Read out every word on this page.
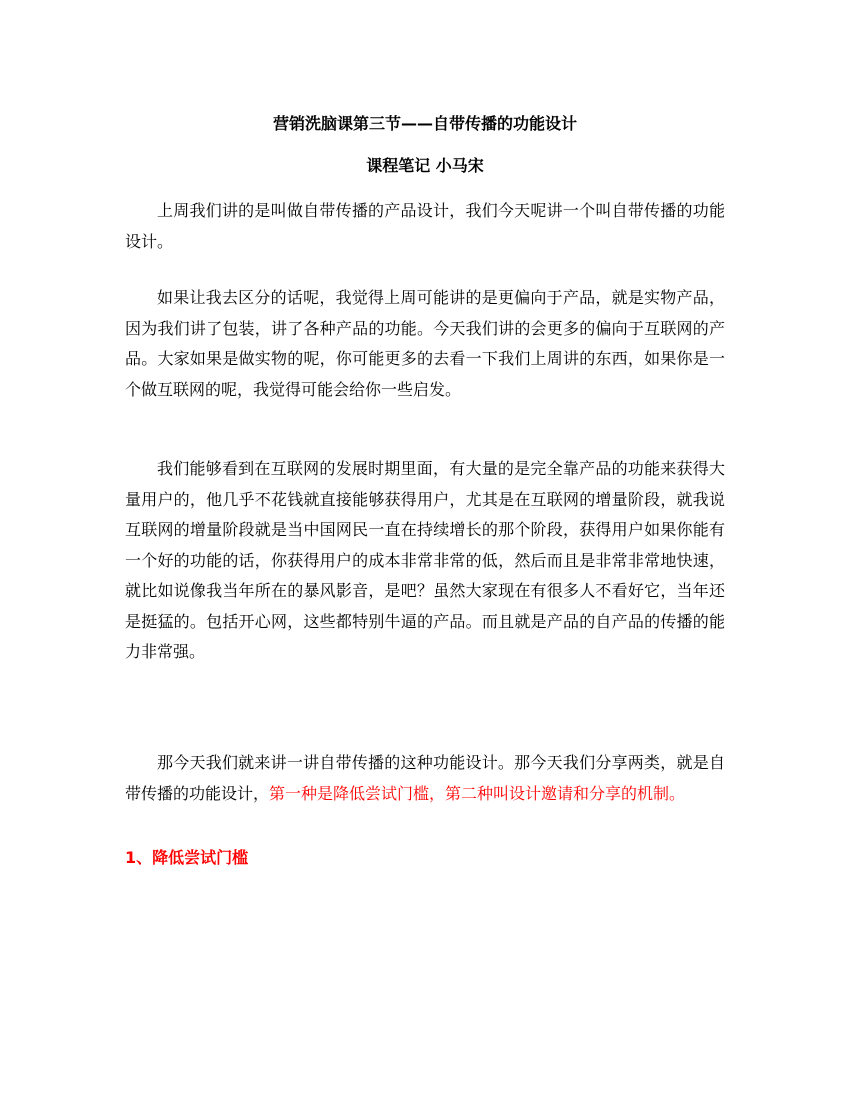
营销洗脑课第三节——自带传播的功能设计
课程笔记 小马宋

上周我们讲的是叫做自带传播的产品设计，我们今天呢讲一个叫自带传播的功能设计。

如果让我去区分的话呢，我觉得上周可能讲的是更偏向于产品，就是实物产品，因为我们讲了包装，讲了各种产品的功能。今天我们讲的会更多的偏向于互联网的产品。大家如果是做实物的呢，你可能更多的去看一下我们上周讲的东西，如果你是一个做互联网的呢，我觉得可能会给你一些启发。

我们能够看到在互联网的发展时期里面，有大量的是完全靠产品的功能来获得大量用户的，他几乎不花钱就直接能够获得用户，尤其是在互联网的增量阶段，就我说互联网的增量阶段就是当中国网民一直在持续增长的那个阶段，获得用户如果你能有一个好的功能的话，你获得用户的成本非常非常的低，然后而且是非常非常地快速，就比如说像我当年所在的暴风影音，是吧？虽然大家现在有很多人不看好它，当年还是挺猛的。包括开心网，这些都特别牛逼的产品。而且就是产品的自产品的传播的能力非常强。

那今天我们就来讲一讲自带传播的这种功能设计。那今天我们分享两类，就是自带传播的功能设计，第一种是降低尝试门槛，第二种叫设计邀请和分享的机制。

1、降低尝试门槛
